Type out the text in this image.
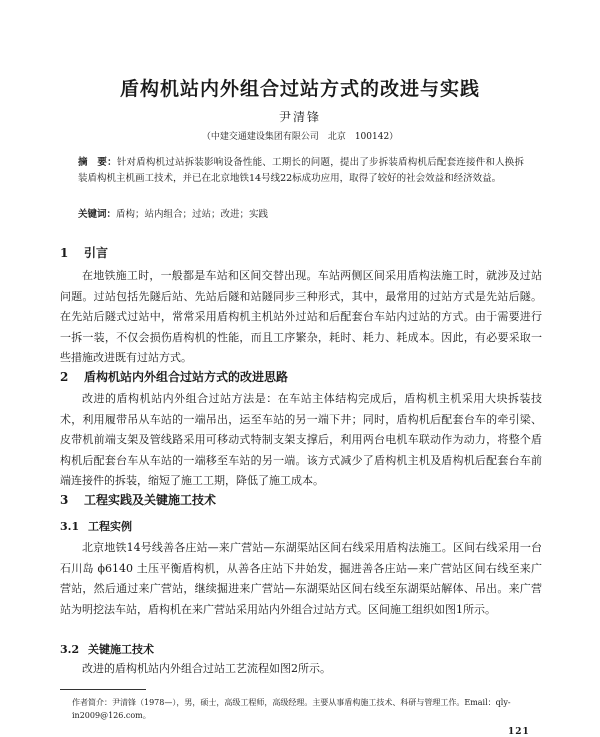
盾构机站内外组合过站方式的改进与实践
尹清锋
（中建交通建设集团有限公司　北京　100142）
摘　要：针对盾构机过站拆装影响设备性能、工期长的问题，提出了步拆装盾构机后配套连接件和人换拆装盾构机主机画工技术，并已在北京地铁14号线22标成功应用，取得了较好的社会效益和经济效益。
关键词：盾构；站内组合；过站；改进；实践
1 引言
在地铁施工时，一般都是车站和区间交替出现。车站两侧区间采用盾构法施工时，就涉及过站问题。过站包括先隧后站、先站后隧和站隧同步三种形式，其中，最常用的过站方式是先站后隧。在先站后隧式过站中，常常采用盾构机主机站外过站和后配套台车站内过站的方式。由于需要进行一拆一装，不仅会损伤盾构机的性能，而且工序繁杂，耗时、耗力、耗成本。因此，有必要采取一些措施改进既有过站方式。
2 盾构机站内外组合过站方式的改进思路
改进的盾构机站内外组合过站方法是：在车站主体结构完成后，盾构机主机采用大块拆装技术，利用履带吊从车站的一端吊出，运至车站的另一端下井；同时，盾构机后配套台车的牵引梁、皮带机前端支架及管线路采用可移动式特制支架支撑后，利用两台电机车联动作为动力，将整个盾构机后配套台车从车站的一端移至车站的另一端。该方式减少了盾构机主机及盾构机后配套台车前端连接件的拆装，缩短了施工工期，降低了施工成本。
3 工程实践及关键施工技术
3.1 工程实例
北京地铁14号线善各庄站—来广营站—东湖渠站区间右线采用盾构法施工。区间右线采用一台石川岛 ϕ6140 土压平衡盾构机，从善各庄站下井始发，掘进善各庄站—来广营站区间右线至来广营站，然后通过来广营站，继续掘进来广营站—东湖渠站区间右线至东湖渠站解体、吊出。来广营站为明挖法车站，盾构机在来广营站采用站内外组合过站方式。区间施工组织如图1所示。
3.2 关键施工技术
改进的盾构机站内外组合过站工艺流程如图2所示。
作者简介：尹清锋（1978—），男，硕士，高级工程师，高级经理。主要从事盾构施工技术、科研与管理工作。Email：qly-in2009@126.com。
121
